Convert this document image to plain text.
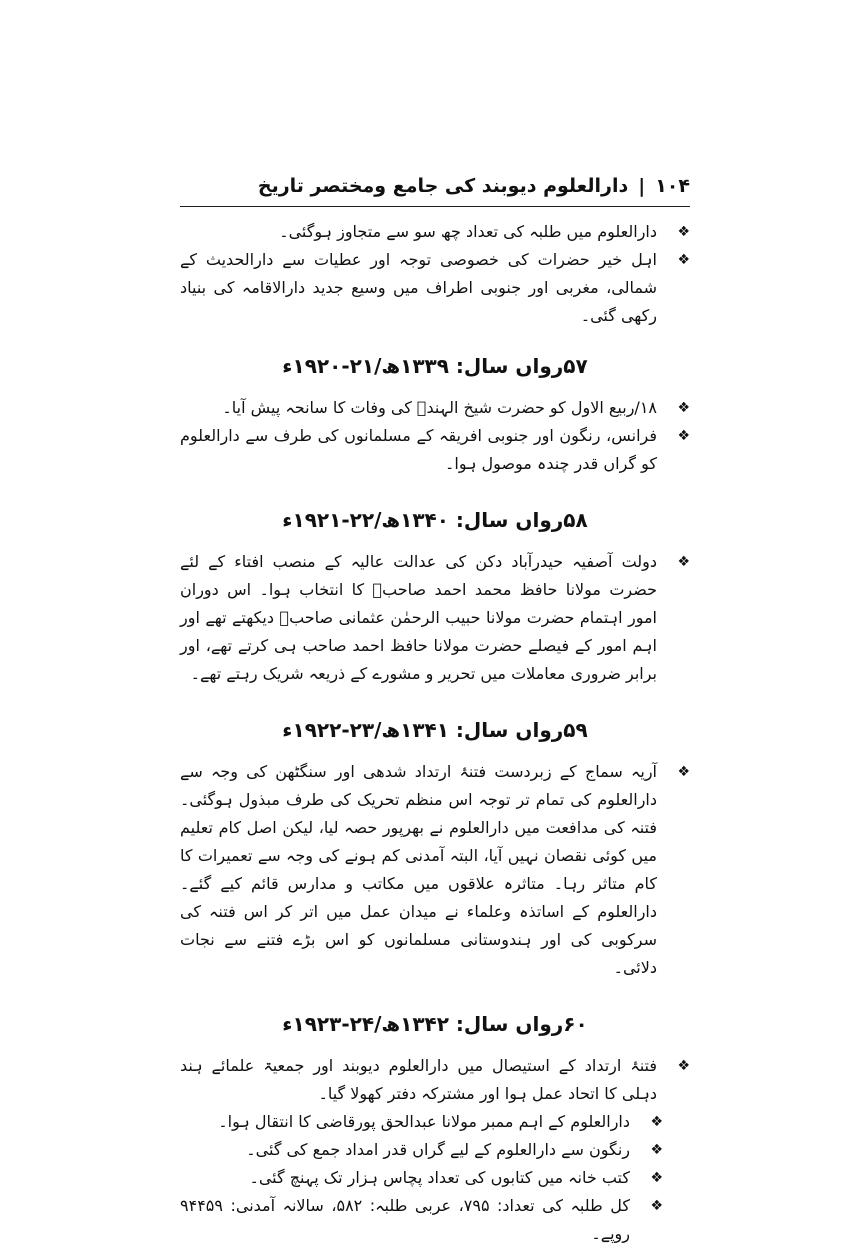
۱۰۴
|
دارالعلوم دیوبند کی جامع ومختصر تاریخ
❖
دارالعلوم میں طلبہ کی تعداد چھ سو سے متجاوز ہوگئی۔
❖
اہل خیر حضرات کی خصوصی توجہ اور عطیات سے دارالحدیث کے شمالی، مغربی اور جنوبی اطراف میں وسیع جدید دارالاقامہ کی بنیاد رکھی گئی۔
۵۷رواں سال: ۱۳۳۹ھ/۲۱-۱۹۲۰ء
❖
۱۸/ربیع الاول کو حضرت شیخ الہندؒ کی وفات کا سانحہ پیش آیا۔
❖
فرانس، رنگون اور جنوبی افریقہ کے مسلمانوں کی طرف سے دارالعلوم کو گراں قدر چندہ موصول ہوا۔
۵۸رواں سال: ۱۳۴۰ھ/۲۲-۱۹۲۱ء
❖
دولت آصفیہ حیدرآباد دکن کی عدالت عالیہ کے منصب افتاء کے لئے حضرت مولانا حافظ محمد احمد صاحبؒ کا انتخاب ہوا۔ اس دوران امور اہتمام حضرت مولانا حبیب الرحمٰن عثمانی صاحبؒ دیکھتے تھے اور اہم امور کے فیصلے حضرت مولانا حافظ احمد صاحب ہی کرتے تھے، اور برابر ضروری معاملات میں تحریر و مشورے کے ذریعہ شریک رہتے تھے۔
۵۹رواں سال: ۱۳۴۱ھ/۲۳-۱۹۲۲ء
❖
آریہ سماج کے زبردست فتنۂ ارتداد شدھی اور سنگٹھن کی وجہ سے دارالعلوم کی تمام تر توجہ اس منظم تحریک کی طرف مبذول ہوگئی۔ فتنہ کی مدافعت میں دارالعلوم نے بھرپور حصہ لیا، لیکن اصل کام تعلیم میں کوئی نقصان نہیں آیا، البتہ آمدنی کم ہونے کی وجہ سے تعمیرات کا کام متاثر رہا۔ متاثرہ علاقوں میں مکاتب و مدارس قائم کیے گئے۔ دارالعلوم کے اساتذہ وعلماء نے میدان عمل میں اتر کر اس فتنہ کی سرکوبی کی اور ہندوستانی مسلمانوں کو اس بڑے فتنے سے نجات دلائی۔
۶۰رواں سال: ۱۳۴۲ھ/۲۴-۱۹۲۳ء
❖
فتنۂ ارتداد کے استیصال میں دارالعلوم دیوبند اور جمعیۃ علمائے ہند دہلی کا اتحاد عمل ہوا اور مشترکہ دفتر کھولا گیا۔
❖
دارالعلوم کے اہم ممبر مولانا عبدالحق پورقاضی کا انتقال ہوا۔
❖
رنگون سے دارالعلوم کے لیے گراں قدر امداد جمع کی گئی۔
❖
کتب خانہ میں کتابوں کی تعداد پچاس ہزار تک پہنچ گئی۔
❖
کل طلبہ کی تعداد: ۷۹۵، عربی طلبہ: ۵۸۲، سالانہ آمدنی: ۹۴۴۵۹ روپے۔
